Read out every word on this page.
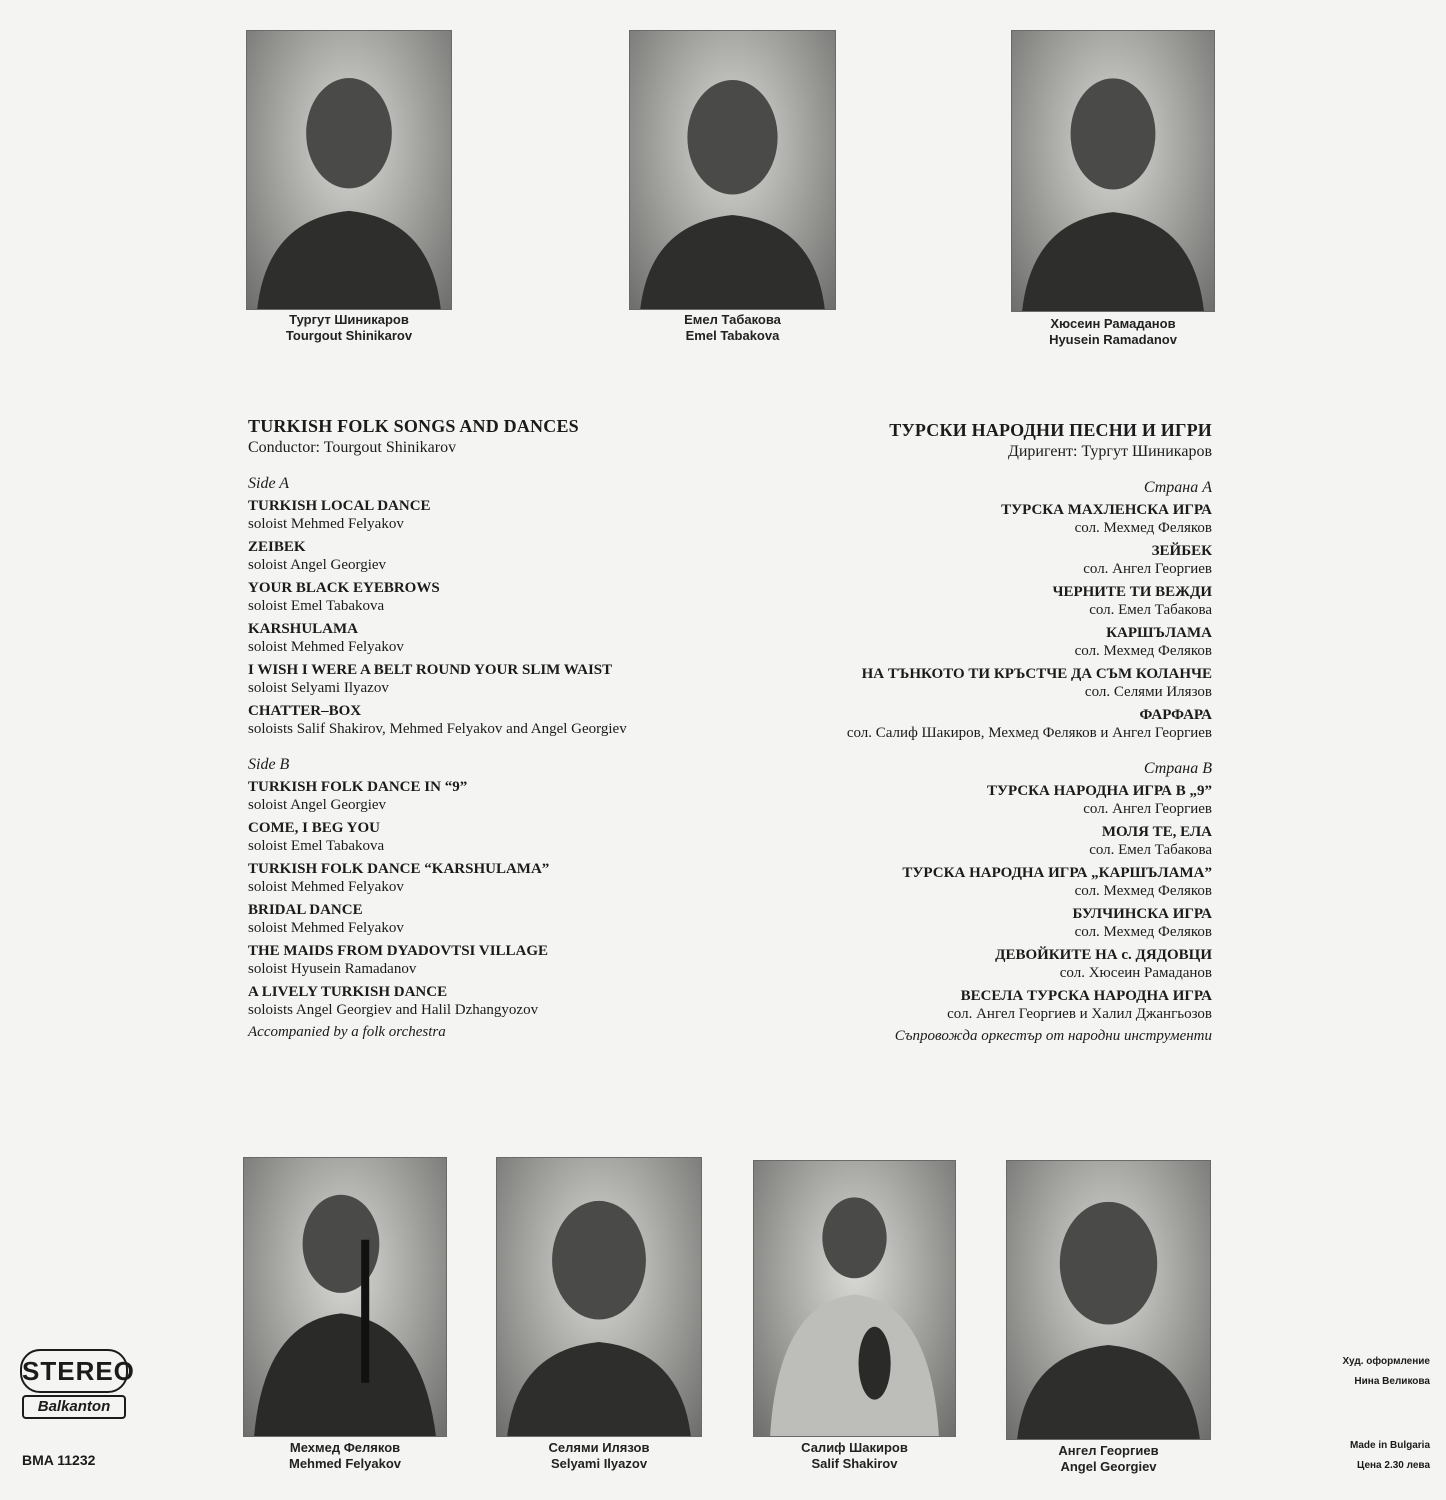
Тургут Шиникаров
Tourgout Shinikarov
Емел Табакова
Emel Tabakova
Хюсеин Рамаданов
Hyusein Ramadanov
TURKISH FOLK SONGS AND DANCES
Conductor: Tourgout Shinikarov
Side A
TURKISH LOCAL DANCE
soloist Mehmed Felyakov
ZEIBEK
soloist Angel Georgiev
YOUR BLACK EYEBROWS
soloist Emel Tabakova
KARSHULAMA
soloist Mehmed Felyakov
I WISH I WERE A BELT ROUND YOUR SLIM WAIST
soloist Selyami Ilyazov
CHATTER–BOX
soloists Salif Shakirov, Mehmed Felyakov and Angel Georgiev
Side B
TURKISH FOLK DANCE IN “9”
soloist Angel Georgiev
COME, I BEG YOU
soloist Emel Tabakova
TURKISH FOLK DANCE “KARSHULAMA”
soloist Mehmed Felyakov
BRIDAL DANCE
soloist Mehmed Felyakov
THE MAIDS FROM DYADOVTSI VILLAGE
soloist Hyusein Ramadanov
A LIVELY TURKISH DANCE
soloists Angel Georgiev and Halil Dzhangyozov
Accompanied by a folk orchestra
ТУРСКИ НАРОДНИ ПЕСНИ И ИГРИ
Диригент: Тургут Шиникаров
Страна А
ТУРСКА МАХЛЕНСКА ИГРА
сол. Мехмед Феляков
ЗЕЙБЕК
сол. Ангел Георгиев
ЧЕРНИТЕ ТИ ВЕЖДИ
сол. Емел Табакова
КАРШЪЛАМА
сол. Мехмед Феляков
НА ТЪНКОТО ТИ КРЪСТЧЕ ДА СЪМ КОЛАНЧЕ
сол. Селями Илязов
ФАРФАРА
сол. Салиф Шакиров, Мехмед Феляков и Ангел Георгиев
Страна В
ТУРСКА НАРОДНА ИГРА В „9”
сол. Ангел Георгиев
МОЛЯ ТЕ, ЕЛА
сол. Емел Табакова
ТУРСКА НАРОДНА ИГРА „КАРШЪЛАМА”
сол. Мехмед Феляков
БУЛЧИНСКА ИГРА
сол. Мехмед Феляков
ДЕВОЙКИТЕ НА с. ДЯДОВЦИ
сол. Хюсеин Рамаданов
ВЕСЕЛА ТУРСКА НАРОДНА ИГРА
сол. Ангел Георгиев и Халил Джангьозов
Съпровожда оркестър от народни инструменти
Мехмед Феляков
Mehmed Felyakov
Селями Илязов
Selyami Ilyazov
Салиф Шакиров
Salif Shakirov
Ангел Георгиев
Angel Georgiev
STEREO
Balkanton
BMA 11232
Худ. оформление
Нина Великова
Made in Bulgaria
Цена 2.30 лева
